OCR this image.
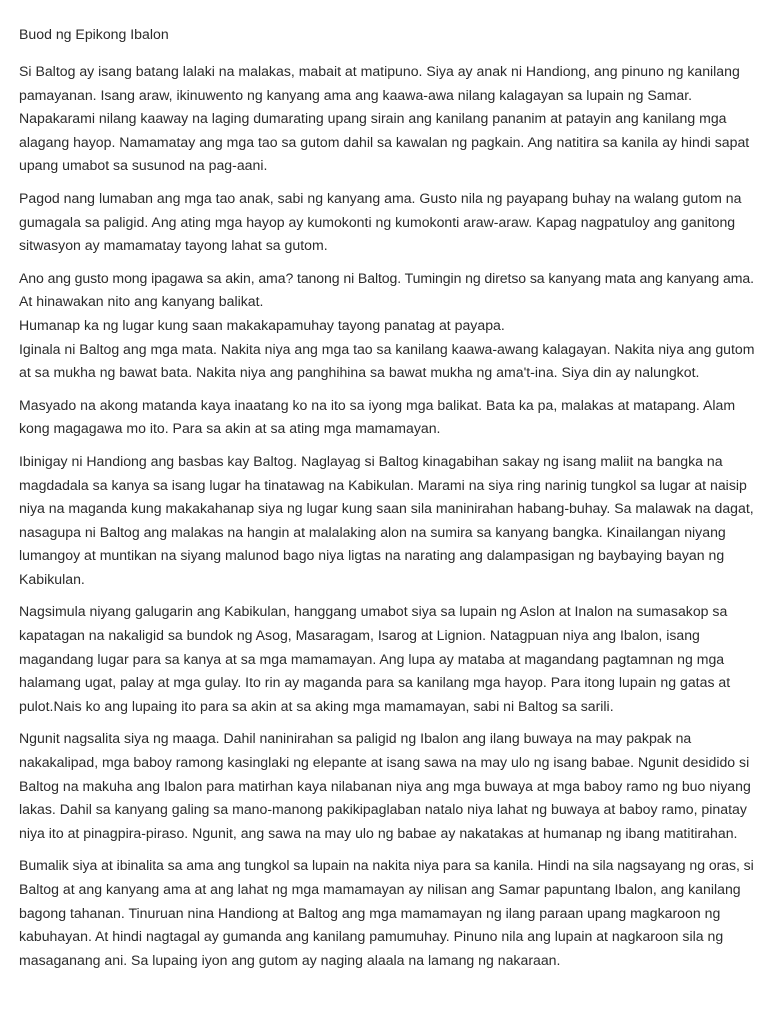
Buod ng Epikong Ibalon
Si Baltog ay isang batang lalaki na malakas, mabait at matipuno. Siya ay anak ni Handiong, ang pinuno ng kanilang
pamayanan. Isang araw, ikinuwento ng kanyang ama ang kaawa-awa nilang kalagayan sa lupain ng Samar.
Napakarami nilang kaaway na laging dumarating upang sirain ang kanilang pananim at patayin ang kanilang mga
alagang hayop. Namamatay ang mga tao sa gutom dahil sa kawalan ng pagkain. Ang natitira sa kanila ay hindi sapat
upang umabot sa susunod na pag-aani.
Pagod nang lumaban ang mga tao anak, sabi ng kanyang ama. Gusto nila ng payapang buhay na walang gutom na
gumagala sa paligid. Ang ating mga hayop ay kumokonti ng kumokonti araw-araw. Kapag nagpatuloy ang ganitong
sitwasyon ay mamamatay tayong lahat sa gutom.
Ano ang gusto mong ipagawa sa akin, ama? tanong ni Baltog. Tumingin ng diretso sa kanyang mata ang kanyang ama.
At hinawakan nito ang kanyang balikat.
Humanap ka ng lugar kung saan makakapamuhay tayong panatag at payapa.
Iginala ni Baltog ang mga mata. Nakita niya ang mga tao sa kanilang kaawa-awang kalagayan. Nakita niya ang gutom
at sa mukha ng bawat bata. Nakita niya ang panghihina sa bawat mukha ng ama't-ina. Siya din ay nalungkot.
Masyado na akong matanda kaya inaatang ko na ito sa iyong mga balikat. Bata ka pa, malakas at matapang. Alam
kong magagawa mo ito. Para sa akin at sa ating mga mamamayan.
Ibinigay ni Handiong ang basbas kay Baltog. Naglayag si Baltog kinagabihan sakay ng isang maliit na bangka na
magdadala sa kanya sa isang lugar ha tinatawag na Kabikulan. Marami na siya ring narinig tungkol sa lugar at naisip
niya na maganda kung makakahanap siya ng lugar kung saan sila maninirahan habang-buhay. Sa malawak na dagat,
nasagupa ni Baltog ang malakas na hangin at malalaking alon na sumira sa kanyang bangka. Kinailangan niyang
lumangoy at muntikan na siyang malunod bago niya ligtas na narating ang dalampasigan ng baybaying bayan ng
Kabikulan.
Nagsimula niyang galugarin ang Kabikulan, hanggang umabot siya sa lupain ng Aslon at Inalon na sumasakop sa
kapatagan na nakaligid sa bundok ng Asog, Masaragam, Isarog at Lignion. Natagpuan niya ang Ibalon, isang
magandang lugar para sa kanya at sa mga mamamayan. Ang lupa ay mataba at magandang pagtamnan ng mga
halamang ugat, palay at mga gulay. Ito rin ay maganda para sa kanilang mga hayop. Para itong lupain ng gatas at
pulot.Nais ko ang lupaing ito para sa akin at sa aking mga mamamayan, sabi ni Baltog sa sarili.
Ngunit nagsalita siya ng maaga. Dahil naninirahan sa paligid ng Ibalon ang ilang buwaya na may pakpak na
nakakalipad, mga baboy ramong kasinglaki ng elepante at isang sawa na may ulo ng isang babae. Ngunit desidido si
Baltog na makuha ang Ibalon para matirhan kaya nilabanan niya ang mga buwaya at mga baboy ramo ng buo niyang
lakas. Dahil sa kanyang galing sa mano-manong pakikipaglaban natalo niya lahat ng buwaya at baboy ramo, pinatay
niya ito at pinagpira-piraso. Ngunit, ang sawa na may ulo ng babae ay nakatakas at humanap ng ibang matitirahan.
Bumalik siya at ibinalita sa ama ang tungkol sa lupain na nakita niya para sa kanila. Hindi na sila nagsayang ng oras, si
Baltog at ang kanyang ama at ang lahat ng mga mamamayan ay nilisan ang Samar papuntang Ibalon, ang kanilang
bagong tahanan. Tinuruan nina Handiong at Baltog ang mga mamamayan ng ilang paraan upang magkaroon ng
kabuhayan. At hindi nagtagal ay gumanda ang kanilang pamumuhay. Pinuno nila ang lupain at nagkaroon sila ng
masaganang ani. Sa lupaing iyon ang gutom ay naging alaala na lamang ng nakaraan.
